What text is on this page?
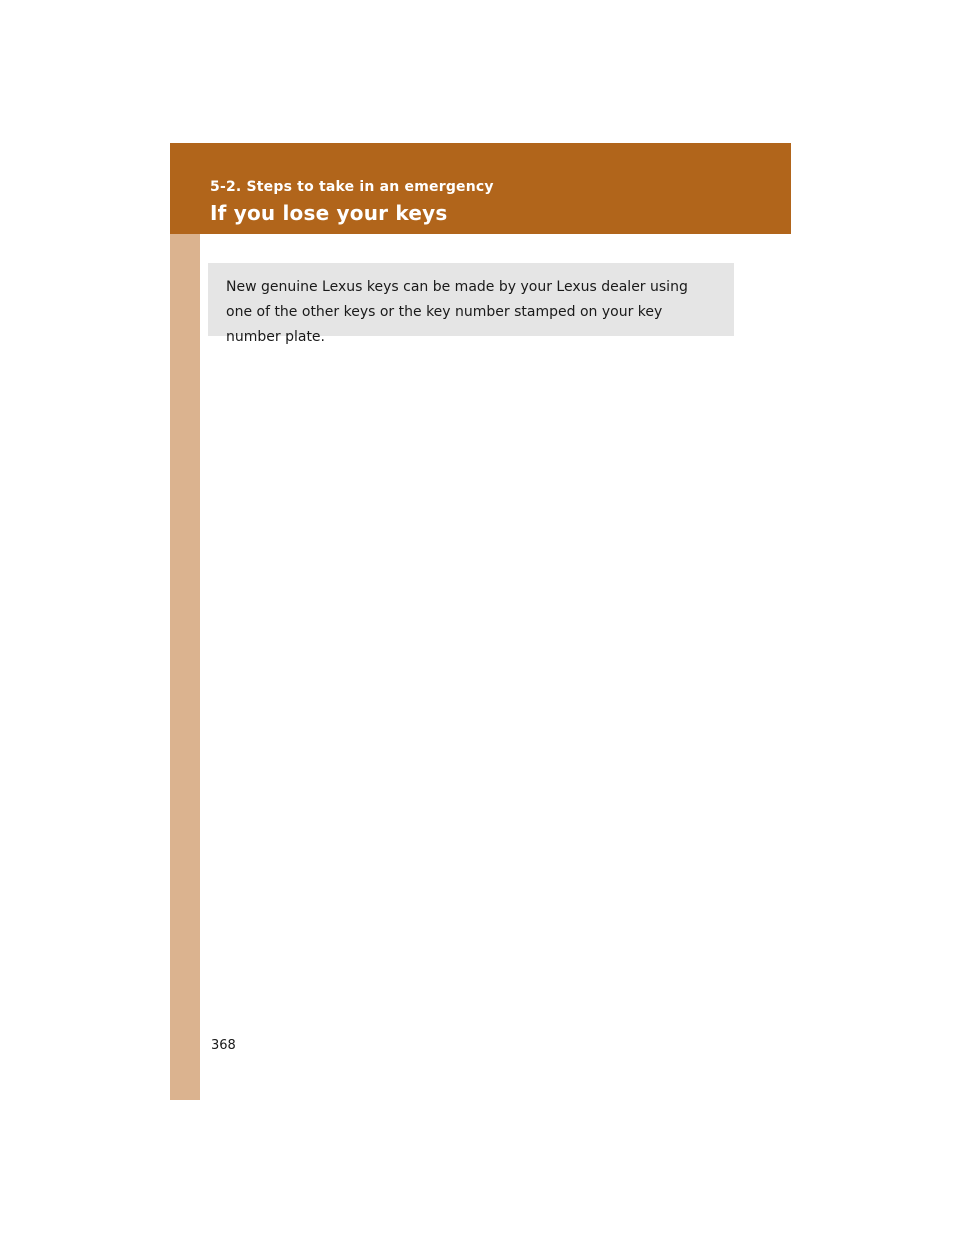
5-2. Steps to take in an emergency
If you lose your keys

New genuine Lexus keys can be made by your Lexus dealer using one of the other keys or the key number stamped on your key number plate.

368
